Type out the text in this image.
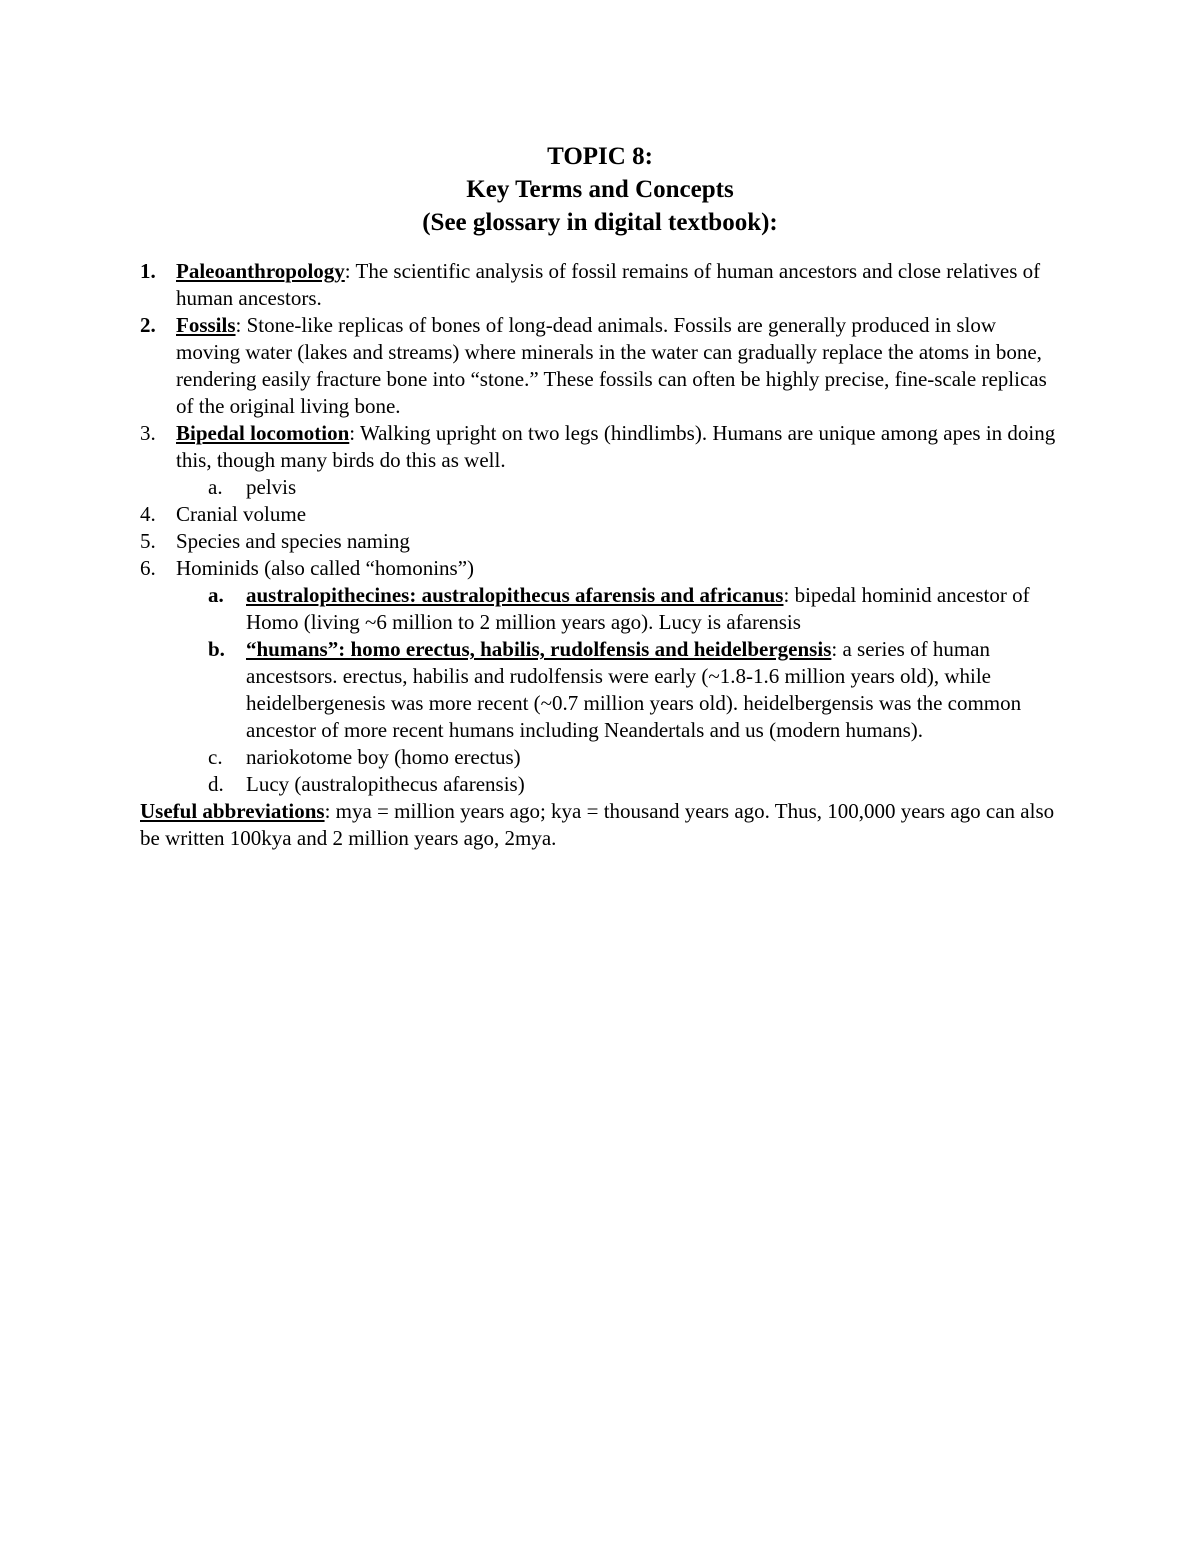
TOPIC 8:
Key Terms and Concepts
(See glossary in digital textbook):
1. Paleoanthropology: The scientific analysis of fossil remains of human ancestors and close relatives of human ancestors.
2. Fossils: Stone-like replicas of bones of long-dead animals. Fossils are generally produced in slow moving water (lakes and streams) where minerals in the water can gradually replace the atoms in bone, rendering easily fracture bone into “stone.” These fossils can often be highly precise, fine-scale replicas of the original living bone.
3. Bipedal locomotion: Walking upright on two legs (hindlimbs). Humans are unique among apes in doing this, though many birds do this as well.
a. pelvis
4. Cranial volume
5. Species and species naming
6. Hominids (also called “homonins”)
a. australopithecines: australopithecus afarensis and africanus: bipedal hominid ancestor of Homo (living ~6 million to 2 million years ago). Lucy is afarensis
b. “humans”: homo erectus, habilis, rudolfensis and heidelbergensis: a series of human ancestsors. erectus, habilis and rudolfensis were early (~1.8-1.6 million years old), while heidelbergenesis was more recent (~0.7 million years old). heidelbergensis was the common ancestor of more recent humans including Neandertals and us (modern humans).
c. nariokotome boy (homo erectus)
d. Lucy (australopithecus afarensis)
Useful abbreviations: mya = million years ago; kya = thousand years ago. Thus, 100,000 years ago can also be written 100kya and 2 million years ago, 2mya.
